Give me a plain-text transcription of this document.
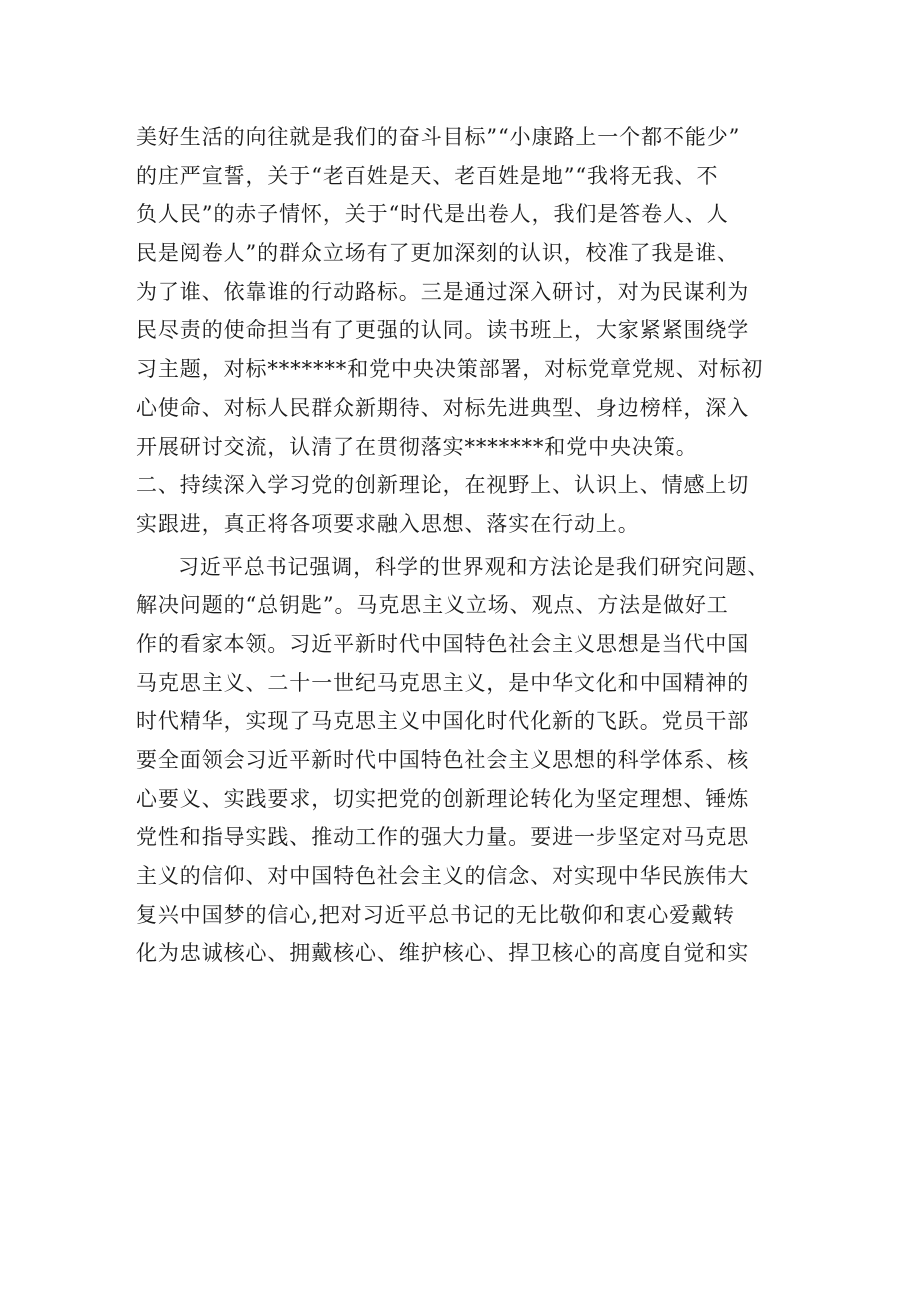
美好生活的向往就是我们的奋斗目标”“小康路上一个都不能少”
的庄严宣誓，关于“老百姓是天、老百姓是地”“我将无我、不
负人民”的赤子情怀，关于“时代是出卷人，我们是答卷人、人
民是阅卷人”的群众立场有了更加深刻的认识，校准了我是谁、
为了谁、依靠谁的行动路标。三是通过深入研讨，对为民谋利为
民尽责的使命担当有了更强的认同。读书班上，大家紧紧围绕学
习主题，对标*******和党中央决策部署，对标党章党规、对标初
心使命、对标人民群众新期待、对标先进典型、身边榜样，深入
开展研讨交流，认清了在贯彻落实*******和党中央决策。
二、持续深入学习党的创新理论，在视野上、认识上、情感上切
实跟进，真正将各项要求融入思想、落实在行动上。
习近平总书记强调，科学的世界观和方法论是我们研究问题、
解决问题的“总钥匙”。马克思主义立场、观点、方法是做好工
作的看家本领。习近平新时代中国特色社会主义思想是当代中国
马克思主义、二十一世纪马克思主义，是中华文化和中国精神的
时代精华，实现了马克思主义中国化时代化新的飞跃。党员干部
要全面领会习近平新时代中国特色社会主义思想的科学体系、核
心要义、实践要求，切实把党的创新理论转化为坚定理想、锤炼
党性和指导实践、推动工作的强大力量。要进一步坚定对马克思
主义的信仰、对中国特色社会主义的信念、对实现中华民族伟大
复兴中国梦的信心,把对习近平总书记的无比敬仰和衷心爱戴转
化为忠诚核心、拥戴核心、维护核心、捍卫核心的高度自觉和实
